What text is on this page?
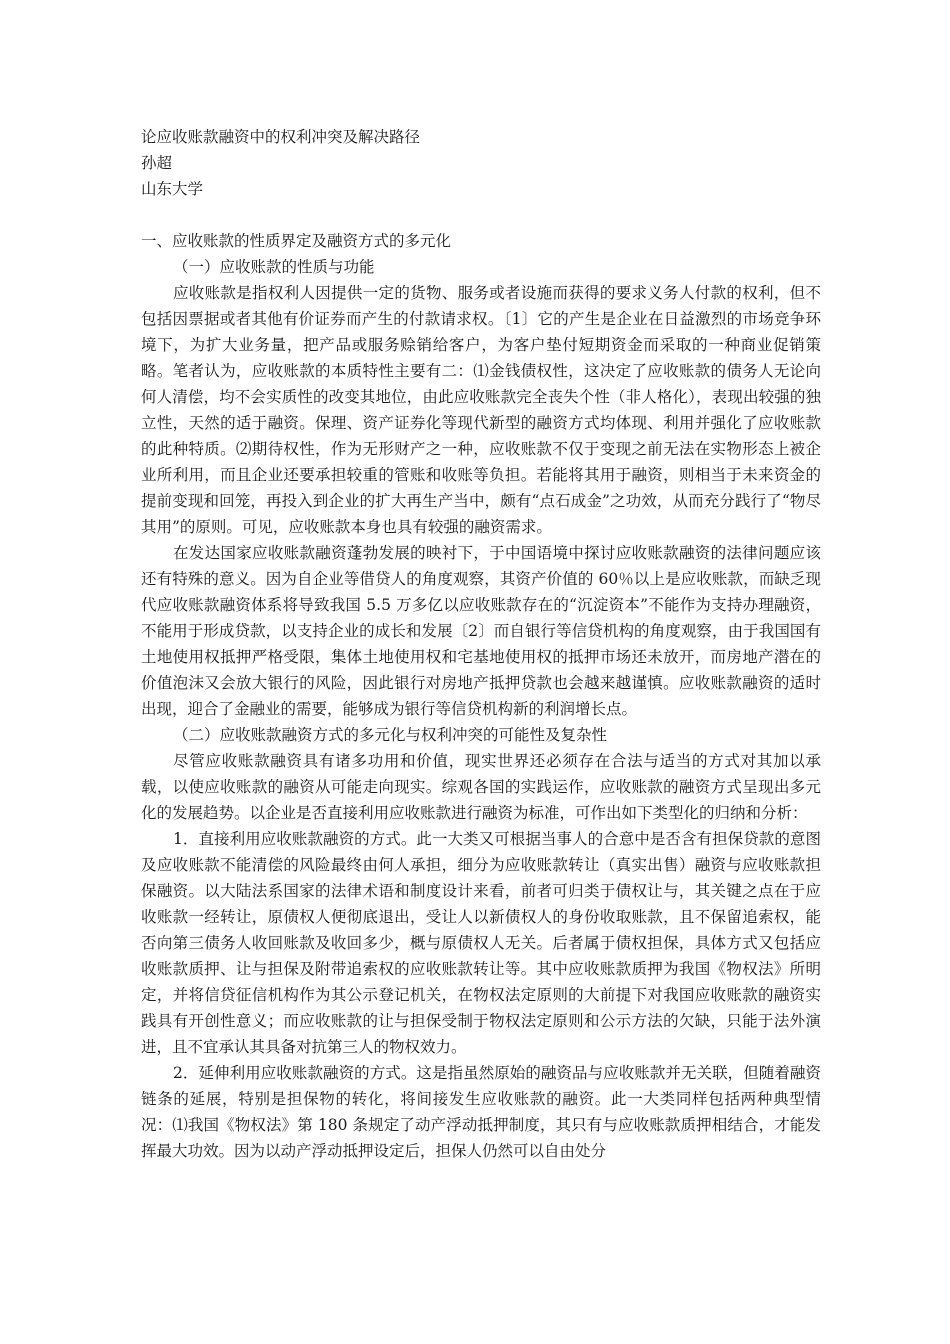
论应收账款融资中的权利冲突及解决路径
孙超
山东大学
一、应收账款的性质界定及融资方式的多元化
（一）应收账款的性质与功能

应收账款是指权利人因提供一定的货物、服务或者设施而获得的要求义务人付款的权利，但不包括因票据或者其他有价证券而产生的付款请求权。〔1〕它的产生是企业在日益激烈的市场竞争环境下，为扩大业务量，把产品或服务赊销给客户，为客户垫付短期资金而采取的一种商业促销策略。笔者认为，应收账款的本质特性主要有二：⑴金钱债权性，这决定了应收账款的债务人无论向何人清偿，均不会实质性的改变其地位，由此应收账款完全丧失个性（非人格化），表现出较强的独立性，天然的适于融资。保理、资产证券化等现代新型的融资方式均体现、利用并强化了应收账款的此种特质。⑵期待权性，作为无形财产之一种，应收账款不仅于变现之前无法在实物形态上被企业所利用，而且企业还要承担较重的管账和收账等负担。若能将其用于融资，则相当于未来资金的提前变现和回笼，再投入到企业的扩大再生产当中，颇有“点石成金”之功效，从而充分践行了“物尽其用”的原则。可见，应收账款本身也具有较强的融资需求。

在发达国家应收账款融资蓬勃发展的映衬下，于中国语境中探讨应收账款融资的法律问题应该还有特殊的意义。因为自企业等借贷人的角度观察，其资产价值的 60％以上是应收账款，而缺乏现代应收账款融资体系将导致我国 5.5 万多亿以应收账款存在的“沉淀资本”不能作为支持办理融资，不能用于形成贷款，以支持企业的成长和发展〔2〕而自银行等信贷机构的角度观察，由于我国国有土地使用权抵押严格受限，集体土地使用权和宅基地使用权的抵押市场还未放开，而房地产潜在的价值泡沫又会放大银行的风险，因此银行对房地产抵押贷款也会越来越谨慎。应收账款融资的适时出现，迎合了金融业的需要，能够成为银行等信贷机构新的利润增长点。

（二）应收账款融资方式的多元化与权利冲突的可能性及复杂性

尽管应收账款融资具有诸多功用和价值，现实世界还必须存在合法与适当的方式对其加以承载，以使应收账款的融资从可能走向现实。综观各国的实践运作，应收账款的融资方式呈现出多元化的发展趋势。以企业是否直接利用应收账款进行融资为标准，可作出如下类型化的归纳和分析：

1．直接利用应收账款融资的方式。此一大类又可根据当事人的合意中是否含有担保贷款的意图及应收账款不能清偿的风险最终由何人承担，细分为应收账款转让（真实出售）融资与应收账款担保融资。以大陆法系国家的法律术语和制度设计来看，前者可归类于债权让与，其关键之点在于应收账款一经转让，原债权人便彻底退出，受让人以新债权人的身份收取账款，且不保留追索权，能否向第三债务人收回账款及收回多少，概与原债权人无关。后者属于债权担保，具体方式又包括应收账款质押、让与担保及附带追索权的应收账款转让等。其中应收账款质押为我国《物权法》所明定，并将信贷征信机构作为其公示登记机关，在物权法定原则的大前提下对我国应收账款的融资实践具有开创性意义；而应收账款的让与担保受制于物权法定原则和公示方法的欠缺，只能于法外演进，且不宜承认其具备对抗第三人的物权效力。

2．延伸利用应收账款融资的方式。这是指虽然原始的融资品与应收账款并无关联，但随着融资链条的延展，特别是担保物的转化，将间接发生应收账款的融资。此一大类同样包括两种典型情况：⑴我国《物权法》第 180 条规定了动产浮动抵押制度，其只有与应收账款质押相结合，才能发挥最大功效。因为以动产浮动抵押设定后，担保人仍然可以自由处分
